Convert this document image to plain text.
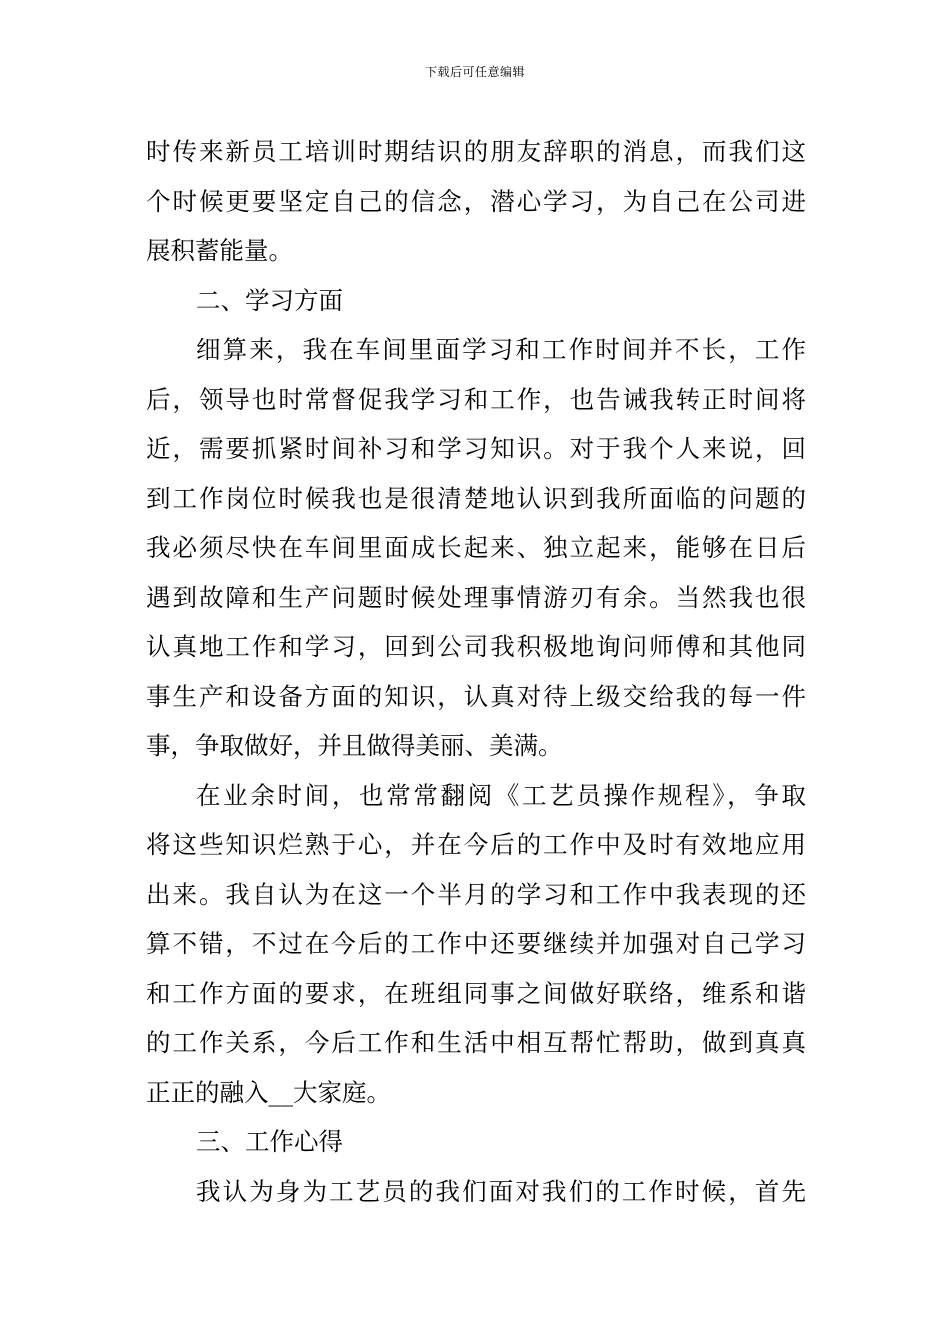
下载后可任意编辑
时传来新员工培训时期结识的朋友辞职的消息，而我们这
个时候更要坚定自己的信念，潜心学习，为自己在公司进
展积蓄能量。
二、学习方面
细算来，我在车间里面学习和工作时间并不长，工作
后，领导也时常督促我学习和工作，也告诫我转正时间将
近，需要抓紧时间补习和学习知识。对于我个人来说，回
到工作岗位时候我也是很清楚地认识到我所面临的问题的
我必须尽快在车间里面成长起来、独立起来，能够在日后
遇到故障和生产问题时候处理事情游刃有余。当然我也很
认真地工作和学习，回到公司我积极地询问师傅和其他同
事生产和设备方面的知识，认真对待上级交给我的每一件
事，争取做好，并且做得美丽、美满。
在业余时间，也常常翻阅《工艺员操作规程》，争取
将这些知识烂熟于心，并在今后的工作中及时有效地应用
出来。我自认为在这一个半月的学习和工作中我表现的还
算不错，不过在今后的工作中还要继续并加强对自己学习
和工作方面的要求，在班组同事之间做好联络，维系和谐
的工作关系，今后工作和生活中相互帮忙帮助，做到真真
正正的融入__大家庭。
三、工作心得
我认为身为工艺员的我们面对我们的工作时候，首先
